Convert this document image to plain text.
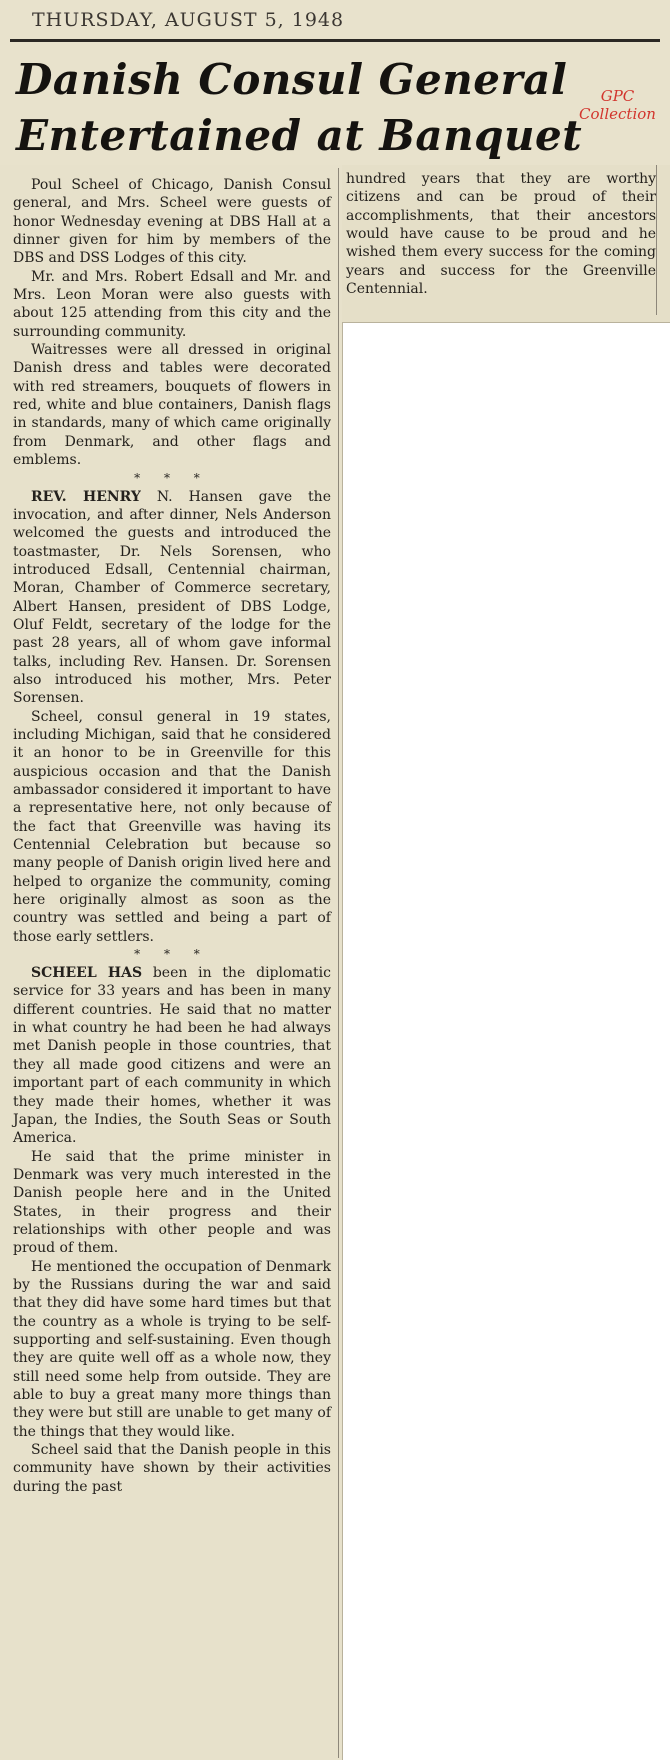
THURSDAY, AUGUST 5, 1948
Danish Consul General
Entertained at Banquet
GPC
Collection

Poul Scheel of Chicago, Danish Consul general, and Mrs. Scheel were guests of honor Wednesday evening at DBS Hall at a dinner given for him by members of the DBS and DSS Lodges of this city.

Mr. and Mrs. Robert Edsall and Mr. and Mrs. Leon Moran were also guests with about 125 attending from this city and the surrounding community.

Waitresses were all dressed in original Danish dress and tables were decorated with red streamers, bouquets of flowers in red, white and blue containers, Danish flags in standards, many of which came originally from Denmark, and other flags and emblems.

* * *

REV. HENRY N. Hansen gave the invocation, and after dinner, Nels Anderson welcomed the guests and introduced the toastmaster, Dr. Nels Sorensen, who introduced Edsall, Centennial chairman, Moran, Chamber of Commerce secretary, Albert Hansen, president of DBS Lodge, Oluf Feldt, secretary of the lodge for the past 28 years, all of whom gave informal talks, including Rev. Hansen. Dr. Sorensen also introduced his mother, Mrs. Peter Sorensen.

Scheel, consul general in 19 states, including Michigan, said that he considered it an honor to be in Greenville for this auspicious occasion and that the Danish ambassador considered it important to have a representative here, not only because of the fact that Greenville was having its Centennial Celebration but because so many people of Danish origin lived here and helped to organize the community, coming here originally almost as soon as the country was settled and being a part of those early settlers.

* * *

SCHEEL HAS been in the diplomatic service for 33 years and has been in many different countries. He said that no matter in what country he had been he had always met Danish people in those countries, that they all made good citizens and were an important part of each community in which they made their homes, whether it was Japan, the Indies, the South Seas or South America.

He said that the prime minister in Denmark was very much interested in the Danish people here and in the United States, in their progress and their relationships with other people and was proud of them.

He mentioned the occupation of Denmark by the Russians during the war and said that they did have some hard times but that the country as a whole is trying to be self-supporting and self-sustaining. Even though they are quite well off as a whole now, they still need some help from outside. They are able to buy a great many more things than they were but still are unable to get many of the things that they would like.

Scheel said that the Danish people in this community have shown by their activities during the past

hundred years that they are worthy citizens and can be proud of their accomplishments, that their ancestors would have cause to be proud and he wished them every success for the coming years and success for the Greenville Centennial.
